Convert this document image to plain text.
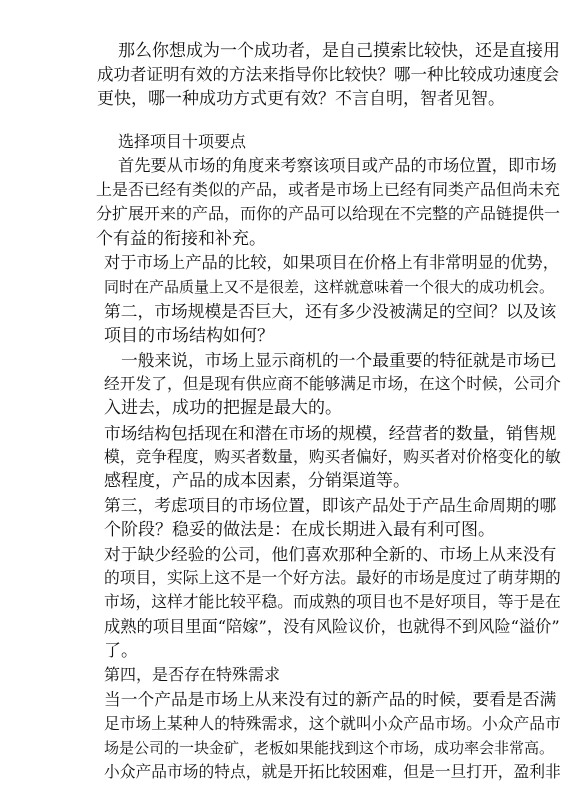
那么你想成为一个成功者，是自己摸索比较快，还是直接用
成功者证明有效的方法来指导你比较快？哪一种比较成功速度会
更快，哪一种成功方式更有效？不言自明，智者见智。
选择项目十项要点
首先要从市场的角度来考察该项目或产品的市场位置，即市场
上是否已经有类似的产品，或者是市场上已经有同类产品但尚未充
分扩展开来的产品，而你的产品可以给现在不完整的产品链提供一
个有益的衔接和补充。
对于市场上产品的比较，如果项目在价格上有非常明显的优势，
同时在产品质量上又不是很差，这样就意味着一个很大的成功机会。
第二，市场规模是否巨大，还有多少没被满足的空间？以及该
项目的市场结构如何？
一般来说，市场上显示商机的一个最重要的特征就是市场已
经开发了，但是现有供应商不能够满足市场，在这个时候，公司介
入进去，成功的把握是最大的。
市场结构包括现在和潜在市场的规模，经营者的数量，销售规
模，竞争程度，购买者数量，购买者偏好，购买者对价格变化的敏
感程度，产品的成本因素，分销渠道等。
第三，考虑项目的市场位置，即该产品处于产品生命周期的哪
个阶段？稳妥的做法是：在成长期进入最有利可图。
对于缺少经验的公司，他们喜欢那种全新的、市场上从来没有
的项目，实际上这不是一个好方法。最好的市场是度过了萌芽期的
市场，这样才能比较平稳。而成熟的项目也不是好项目，等于是在
成熟的项目里面“陪嫁”，没有风险议价，也就得不到风险“溢价”
了。
第四，是否存在特殊需求
当一个产品是市场上从来没有过的新产品的时候，要看是否满
足市场上某种人的特殊需求，这个就叫小众产品市场。小众产品市
场是公司的一块金矿，老板如果能找到这个市场，成功率会非常高。
小众产品市场的特点，就是开拓比较困难，但是一旦打开，盈利非
